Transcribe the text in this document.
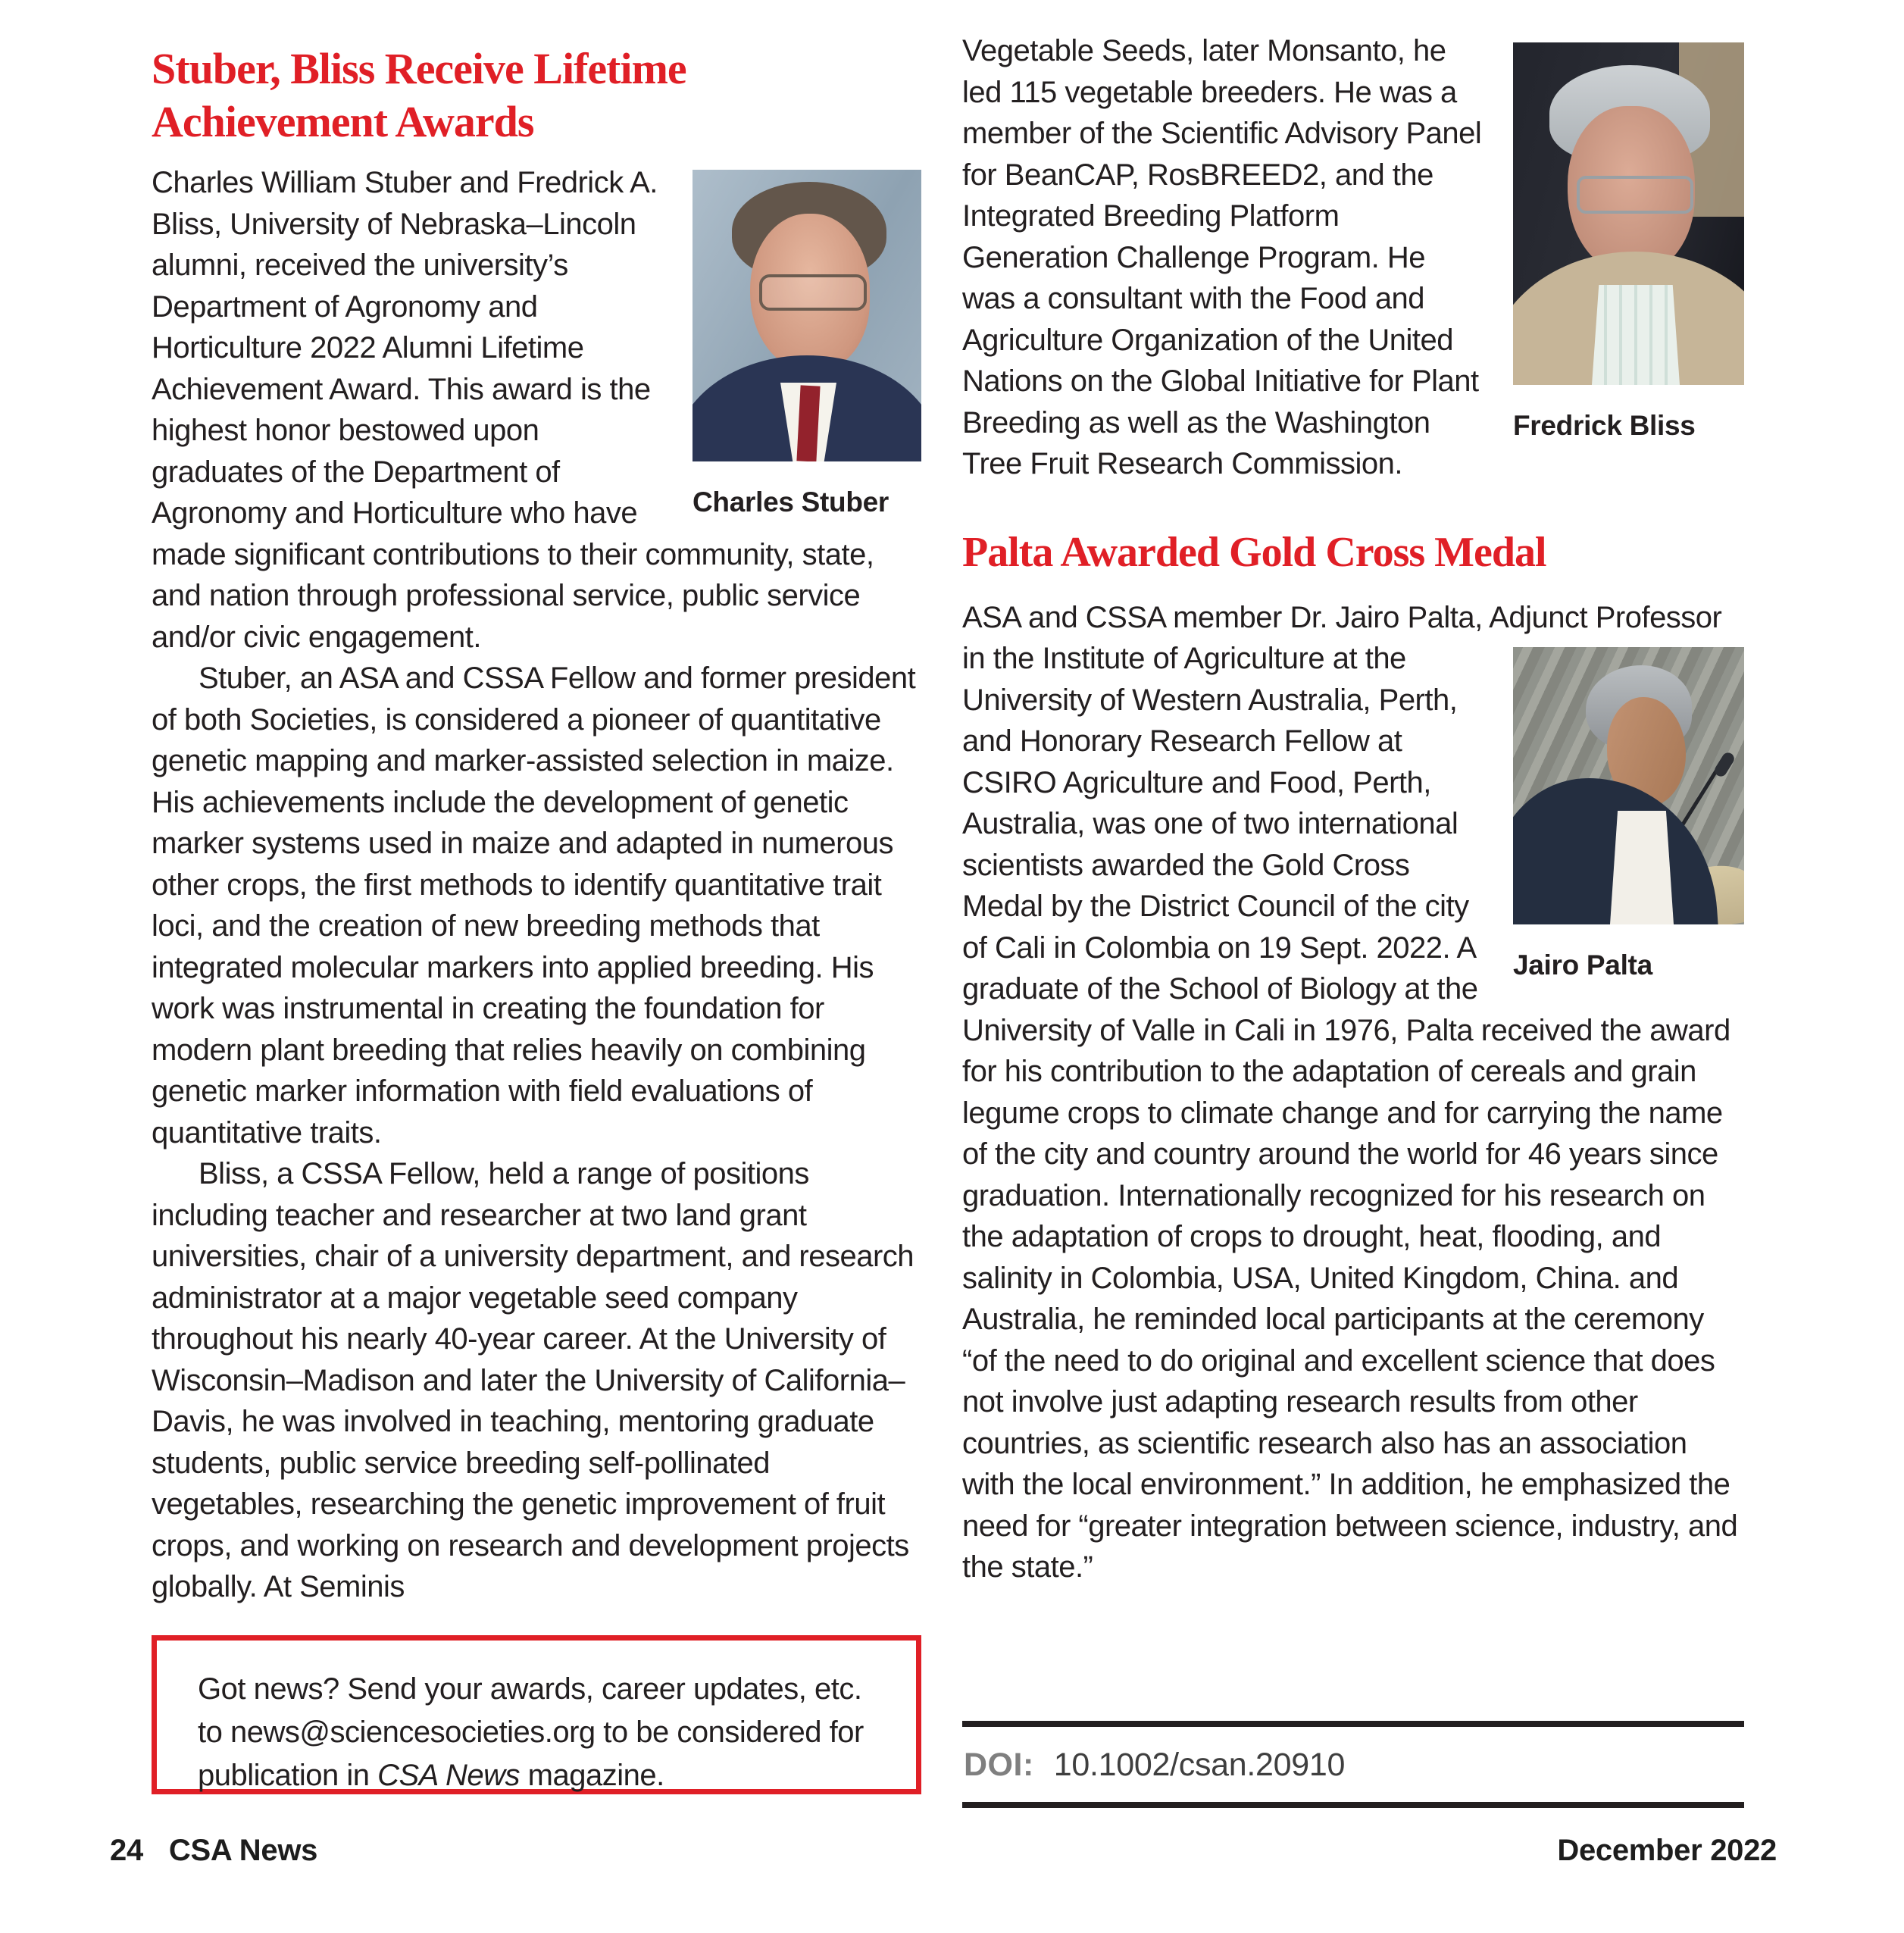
Stuber, Bliss Receive Lifetime Achievement Awards

Charles Stuber
Charles William Stuber and Fredrick A. Bliss, University of Nebraska–Lincoln alumni, received the university’s Department of Agronomy and Horticulture 2022 Alumni Lifetime Achievement Award. This award is the highest honor bestowed upon graduates of the Department of Agronomy and Horticulture who have made significant contributions to their community, state, and nation through professional service, public service and/or civic engagement.

Stuber, an ASA and CSSA Fellow and former president of both Societies, is considered a pioneer of quantitative genetic mapping and marker-assisted selection in maize. His achievements include the development of genetic marker systems used in maize and adapted in numerous other crops, the first methods to identify quantitative trait loci, and the creation of new breeding methods that integrated molecular markers into applied breeding. His work was instrumental in creating the foundation for modern plant breeding that relies heavily on combining genetic marker information with field evaluations of quantitative traits.

Bliss, a CSSA Fellow, held a range of positions including teacher and researcher at two land grant universities, chair of a university department, and research administrator at a major vegetable seed company throughout his nearly 40-year career. At the University of Wisconsin–Madison and later the University of California–Davis, he was involved in teaching, mentoring graduate students, public service breeding self-pollinated vegetables, researching the genetic improvement of fruit crops, and working on research and development projects globally. At Seminis

Fredrick Bliss
Vegetable Seeds, later Monsanto, he led 115 vegetable breeders. He was a member of the Scientific Advisory Panel for BeanCAP, RosBREED2, and the Integrated Breeding Platform Generation Challenge Program. He was a consultant with the Food and Agriculture Organization of the United Nations on the Global Initiative for Plant Breeding as well as the Washington Tree Fruit Research Commission.

Palta Awarded Gold Cross Medal

ASA and CSSA member Dr. Jairo Palta, Adjunct Professor
Jairo Palta
in the Institute of Agriculture at the University of Western Australia, Perth, and Honorary Research Fellow at CSIRO Agriculture and Food, Perth, Australia, was one of two international scientists awarded the Gold Cross Medal by the District Council of the city of Cali in Colombia on 19 Sept. 2022. A graduate of the School of Biology at the University of Valle in Cali in 1976, Palta received the award for his contribution to the adaptation of cereals and grain legume crops to climate change and for carrying the name of the city and country around the world for 46 years since graduation. Internationally recognized for his research on the adaptation of crops to drought, heat, flooding, and salinity in Colombia, USA, United Kingdom, China. and Australia, he reminded local participants at the ceremony “of the need to do original and excellent science that does not involve just adapting research results from other countries, as scientific research also has an association with the local environment.” In addition, he emphasized the need for “greater integration between science, industry, and the state.”

Got news? Send your awards, career updates, etc. to news@sciencesocieties.org to be considered for publication in CSA News magazine.	DOI: 10.1002/csan.20910
24 CSA News	December 2022
